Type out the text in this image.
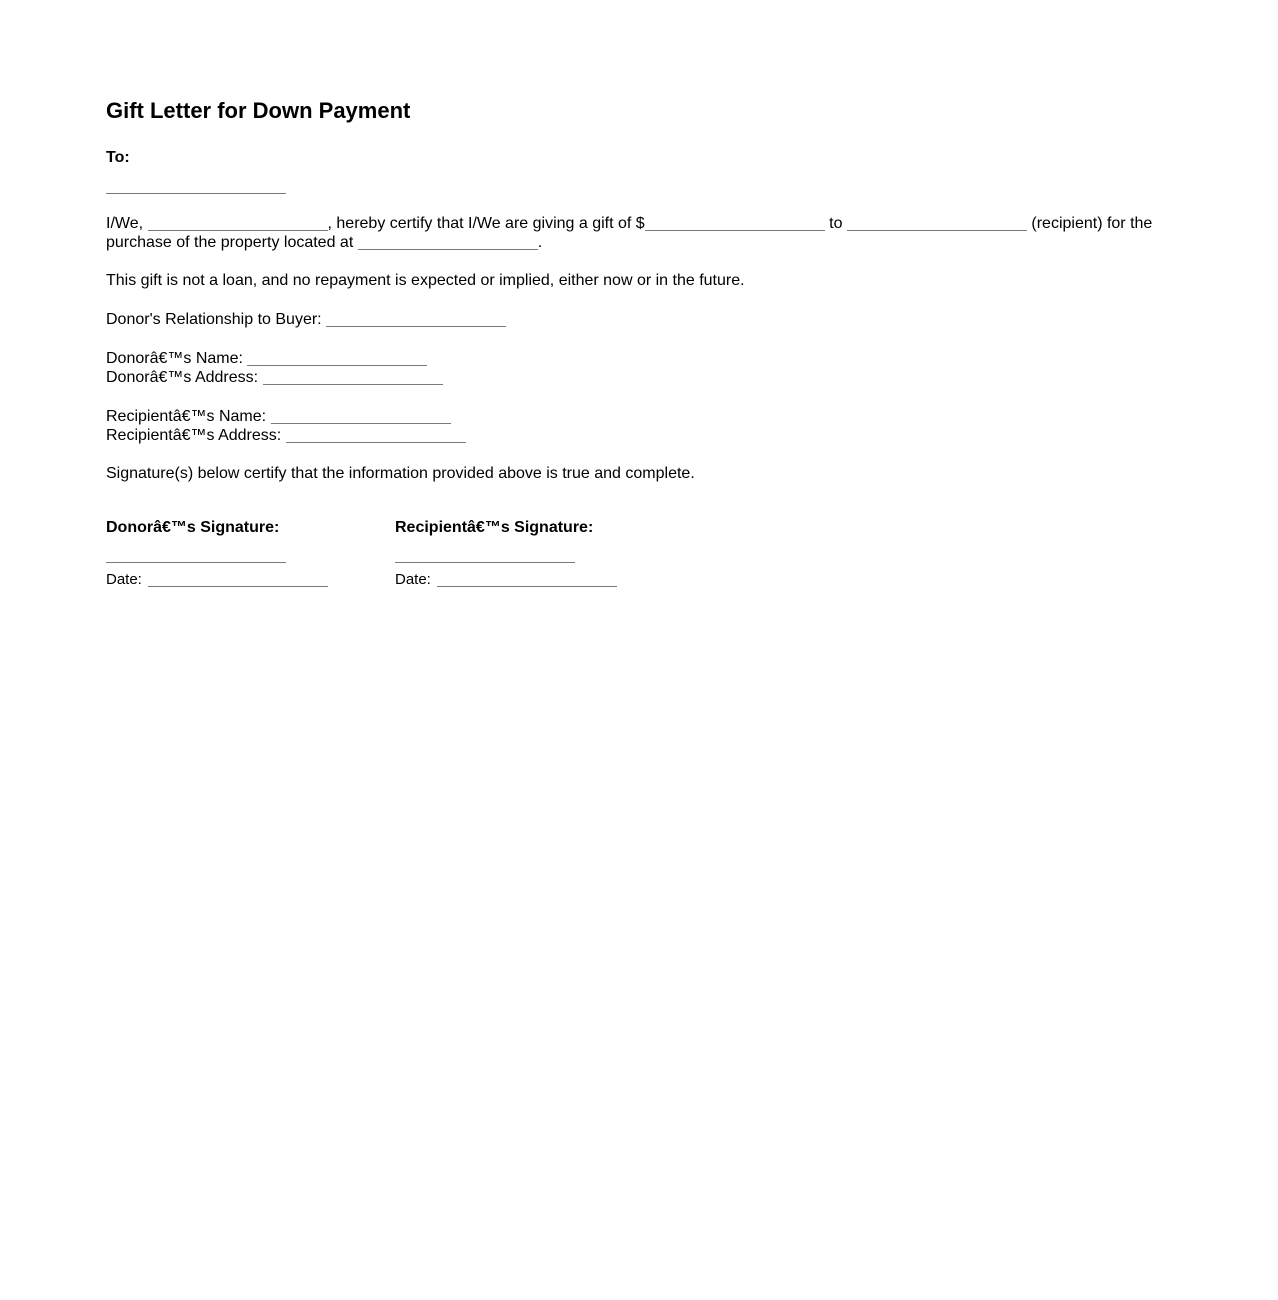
Gift Letter for Down Payment
To:

I/We,	, hereby certify that I/We are giving a gift of $	to	(recipient) for the purchase of the property located at	.

This gift is not a loan, and no repayment is expected or implied, either now or in the future.

Donor's Relationship to Buyer:

Donorâ€™s Name:
Donorâ€™s Address:

Recipientâ€™s Name:
Recipientâ€™s Address:

Signature(s) below certify that the information provided above is true and complete.

Donorâ€™s Signature:
Date:
Recipientâ€™s Signature:
Date:
